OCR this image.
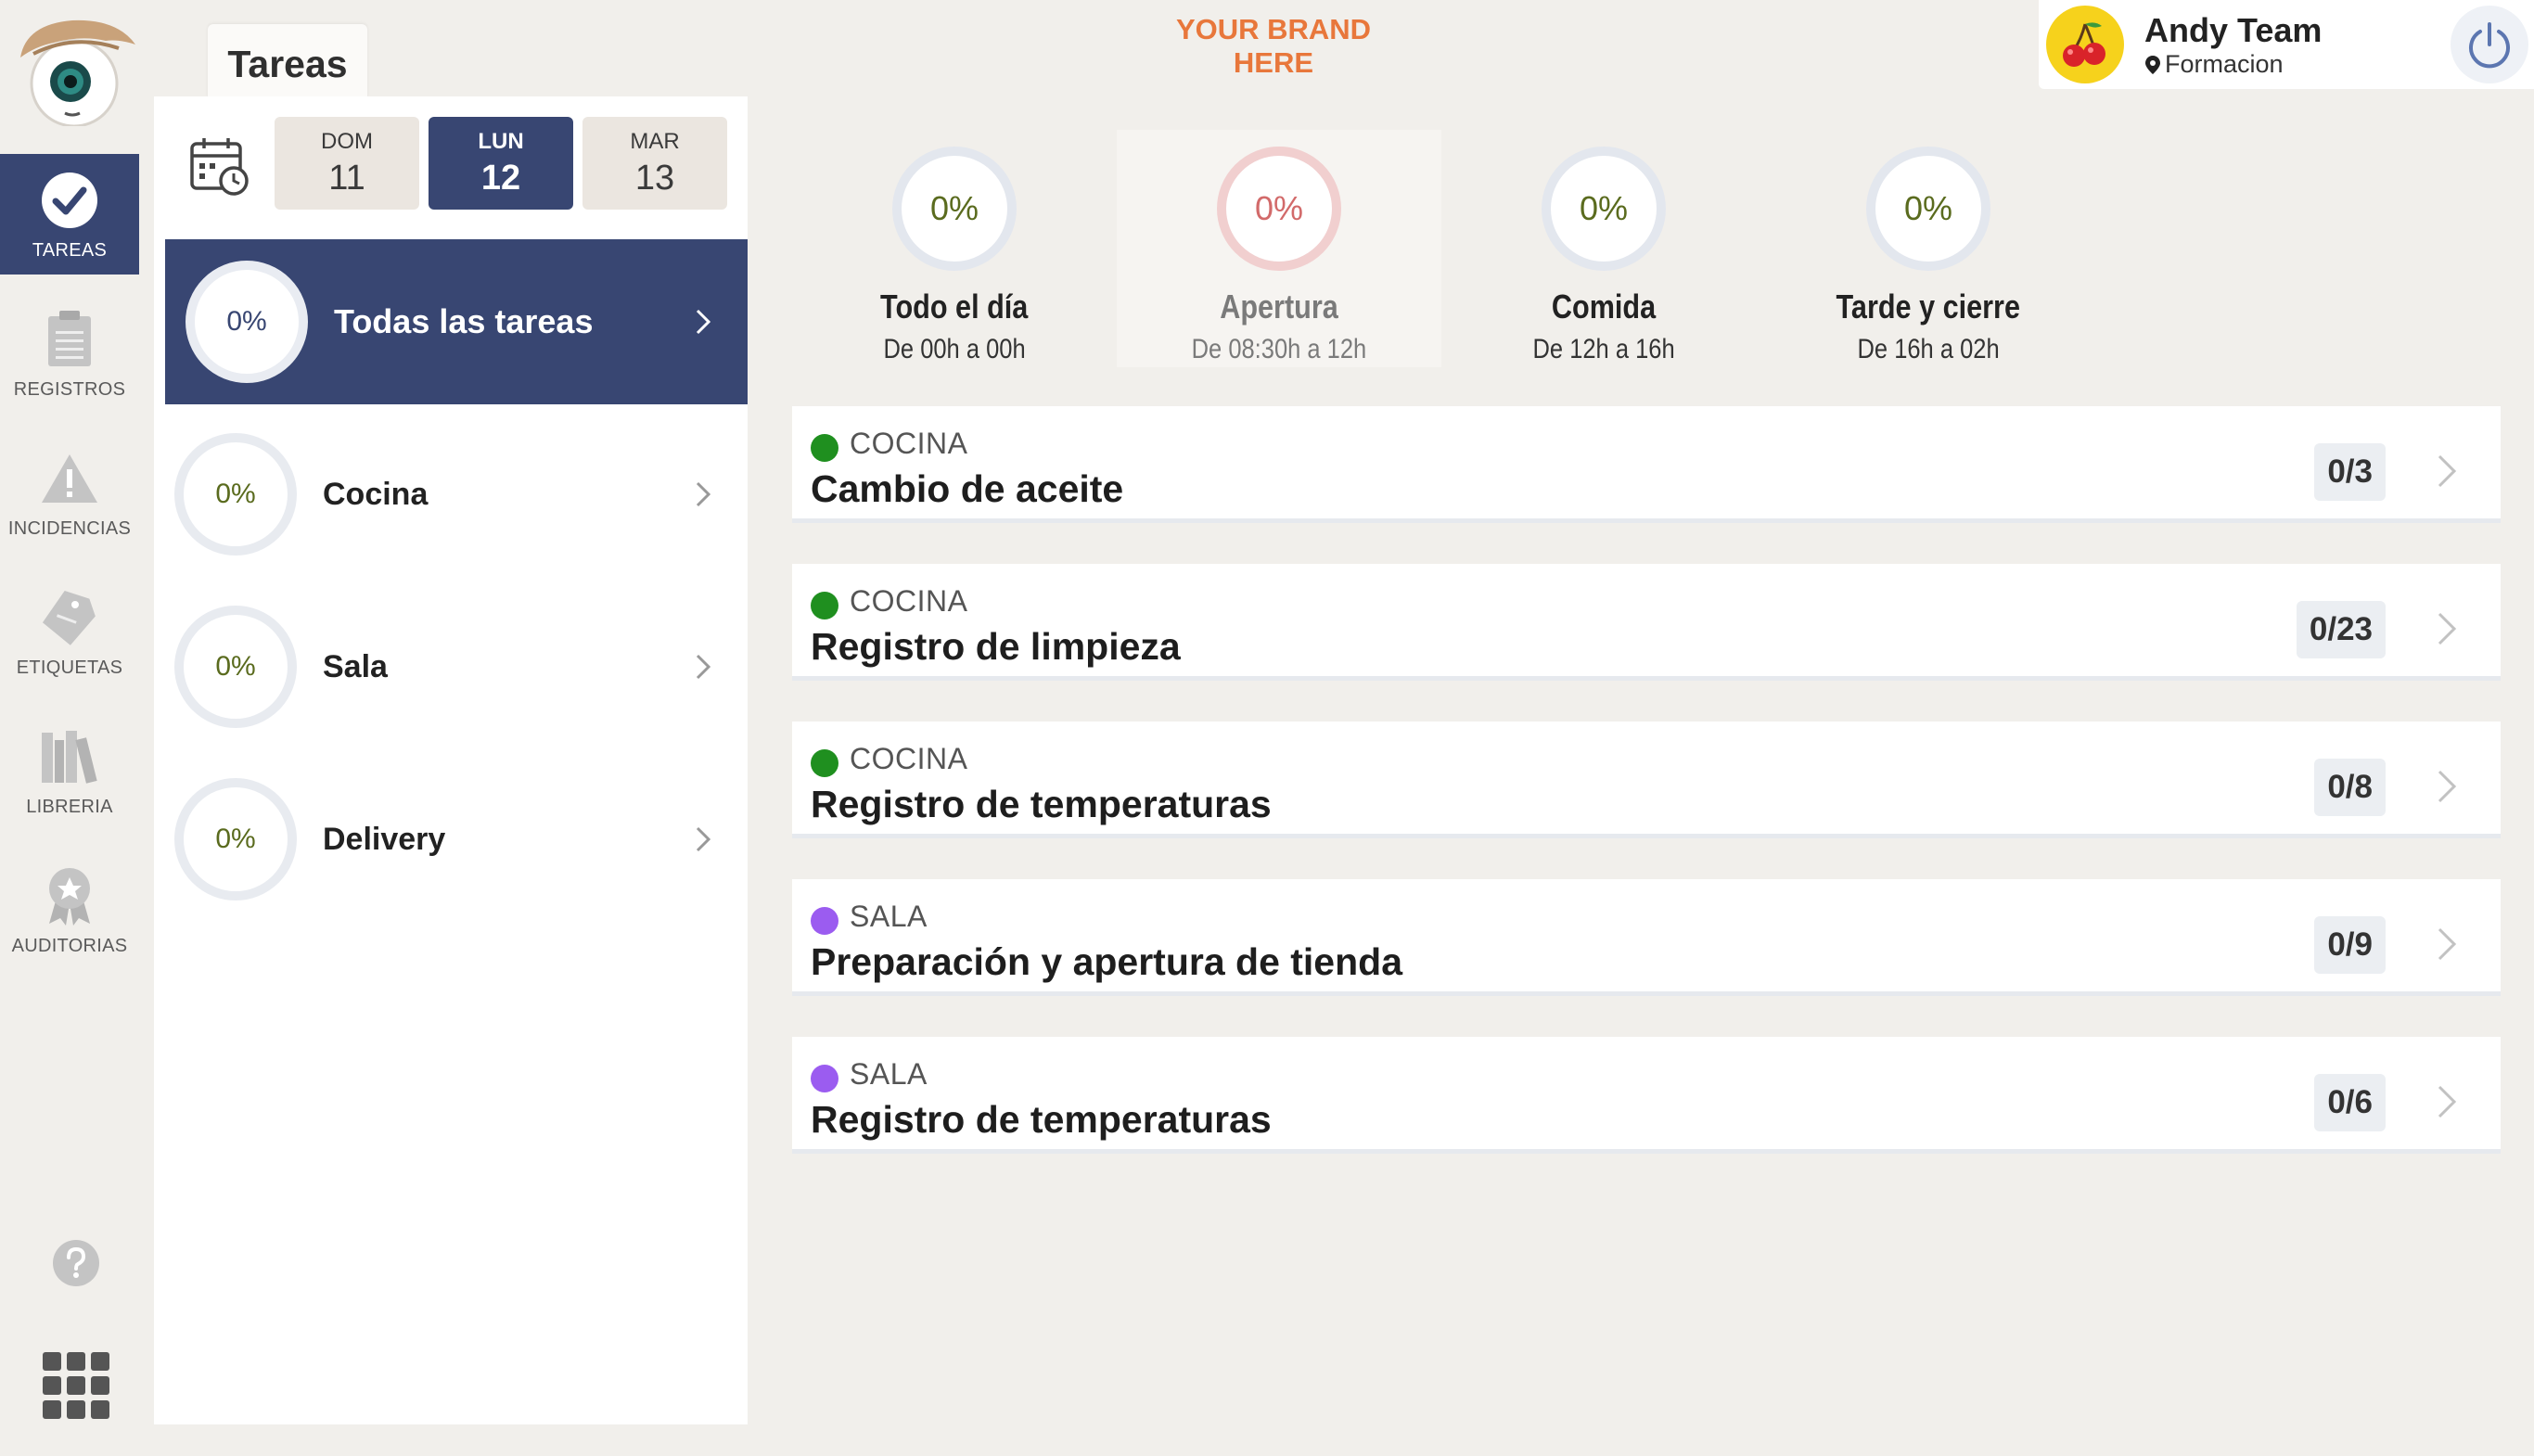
Tareas
YOUR BRAND
HERE
Andy Team
Formacion
TAREAS
REGISTROS
INCIDENCIAS
ETIQUETAS
LIBRERIA
AUDITORIAS
DOM
11
LUN
12
MAR
13
0%	Todas las tareas
0%	Cocina
0%	Sala
0%	Delivery
0%
Todo el día
De 00h a 00h
0%
Apertura
De 08:30h a 12h
0%
Comida
De 12h a 16h
0%
Tarde y cierre
De 16h a 02h
COCINA
Cambio de aceite	0/3
COCINA
Registro de limpieza	0/23
COCINA
Registro de temperaturas	0/8
SALA
Preparación y apertura de tienda	0/9
SALA
Registro de temperaturas	0/6
